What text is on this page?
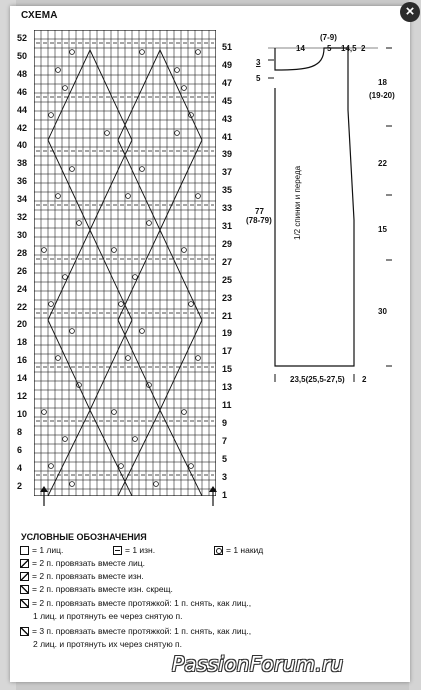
×
СХЕМА
52
50
48
46
44
42
40
38
36
34
32
30
28
26
24
22
20
18
16
14
12
10
8
6
4
2
51
49
47
45
43
41
39
37
35
33
31
29
27
25
23
21
19
17
15
13
11
9
7
5
3
1
1/2 спинки и переда
(7-9)
14	5 14,5 2
3
5
77
(78-79)
18
(19-20)
22
15
30
23,5(25,5-27,5) 2
УСЛОВНЫЕ ОБОЗНАЧЕНИЯ
= 1 лиц.	= 1 изн.	= 1 накид
= 2 п. провязать вместе лиц.
= 2 п. провязать вместе изн.
= 2 п. провязать вместе изн. скрещ.
= 2 п. провязать вместе протяжкой: 1 п. снять, как лиц.,
1 лиц. и протянуть ее через снятую п.
= 3 п. провязать вместе протяжкой: 1 п. снять, как лиц.,
2 лиц. и протянуть их через снятую п.
PassionForum.ru
